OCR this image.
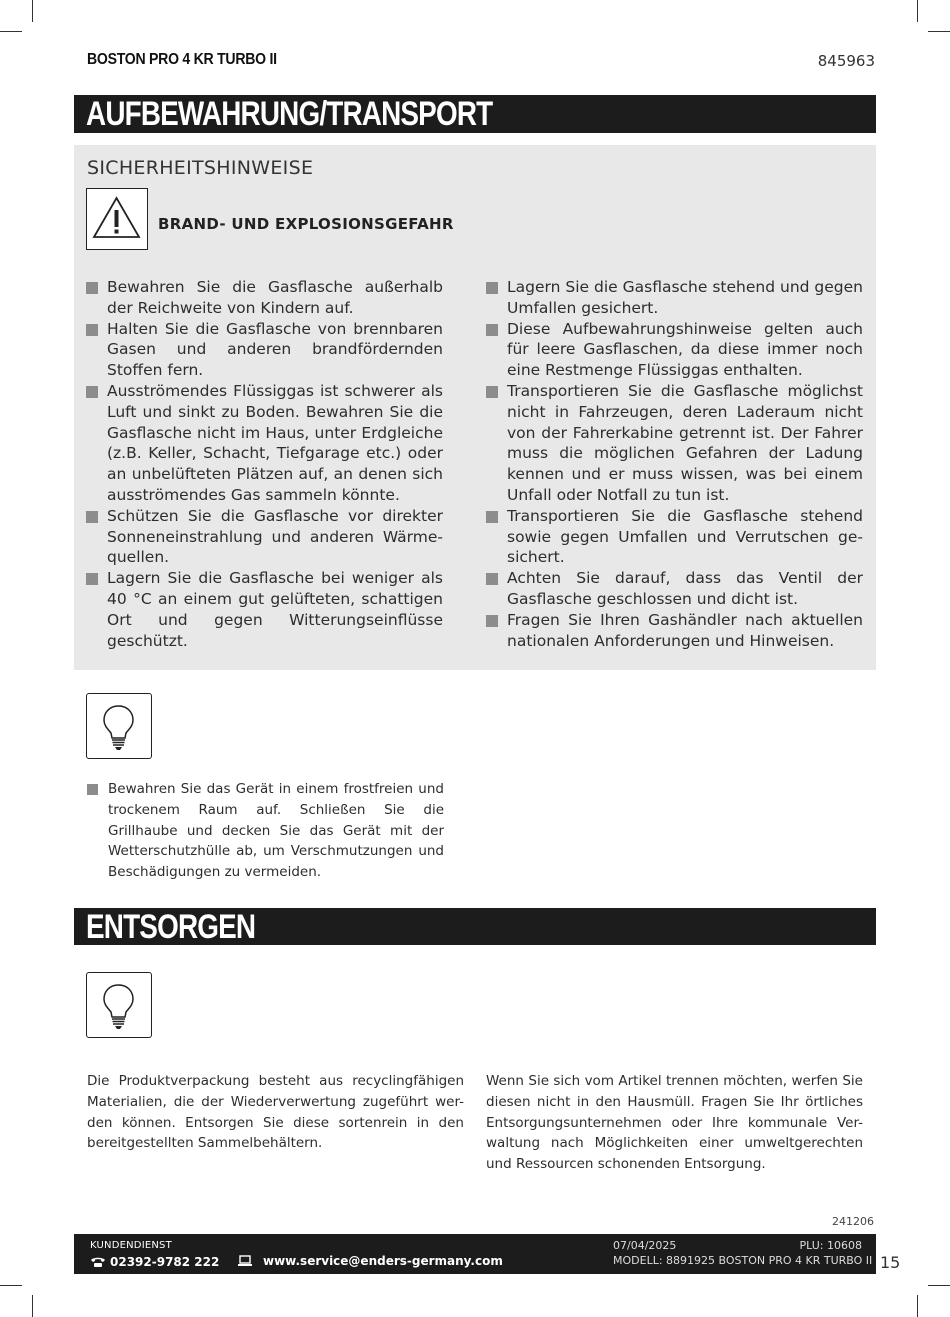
BOSTON PRO 4 KR TURBO II	845963
AUFBEWAHRUNG/TRANSPORT
SICHERHEITSHINWEISE
BRAND- UND EXPLOSIONSGEFAHR
Bewahren Sie die Gasflasche außerhalb der Reichweite von Kindern auf.
Halten Sie die Gasflasche von brennbaren Gasen und anderen brandfördernden Stoffen fern.
Ausströmendes Flüssiggas ist schwerer als Luft und sinkt zu Boden. Bewahren Sie die Gasflasche nicht im Haus, unter Erdgleiche (z.B. Keller, Schacht, Tiefgarage etc.) oder an unbelüfteten Plätzen auf, an denen sich ausströmendes Gas sammeln könnte.
Schützen Sie die Gasflasche vor direkter Sonneneinstrahlung und anderen Wärme-quellen.
Lagern Sie die Gasflasche bei weniger als 40 °C an einem gut gelüfteten, schattigen Ort und gegen Witterungseinflüsse geschützt.
Lagern Sie die Gasflasche stehend und gegen Umfallen gesichert.
Diese Aufbewahrungshinweise gelten auch für leere Gasflaschen, da diese immer noch eine Restmenge Flüssiggas enthalten.
Transportieren Sie die Gasflasche möglichst nicht in Fahrzeugen, deren Laderaum nicht von der Fahrerkabine getrennt ist. Der Fahrer muss die möglichen Gefahren der Ladung kennen und er muss wissen, was bei einem Unfall oder Notfall zu tun ist.
Transportieren Sie die Gasflasche stehend sowie gegen Umfallen und Verrutschen ge-sichert.
Achten Sie darauf, dass das Ventil der Gasflasche geschlossen und dicht ist.
Fragen Sie Ihren Gashändler nach aktuellen nationalen Anforderungen und Hinweisen.
Bewahren Sie das Gerät in einem frostfreien und trockenem Raum auf. Schließen Sie die Grillhaube und decken Sie das Gerät mit der Wetterschutzhülle ab, um Verschmutzungen und Beschädigungen zu vermeiden.
ENTSORGEN
Die Produktverpackung besteht aus recyclingfähigen Materialien, die der Wiederverwertung zugeführt wer-den können. Entsorgen Sie diese sortenrein in den bereitgestellten Sammelbehältern.
Wenn Sie sich vom Artikel trennen möchten, werfen Sie diesen nicht in den Hausmüll. Fragen Sie Ihr örtliches Entsorgungsunternehmen oder Ihre kommunale Ver-waltung nach Möglichkeiten einer umweltgerechten und Ressourcen schonenden Entsorgung.
241206
KUNDENDIENST
02392-9782 222	www.service@enders-germany.com
07/04/2025	PLU: 10608
MODELL: 8891925 BOSTON PRO 4 KR TURBO II 15
